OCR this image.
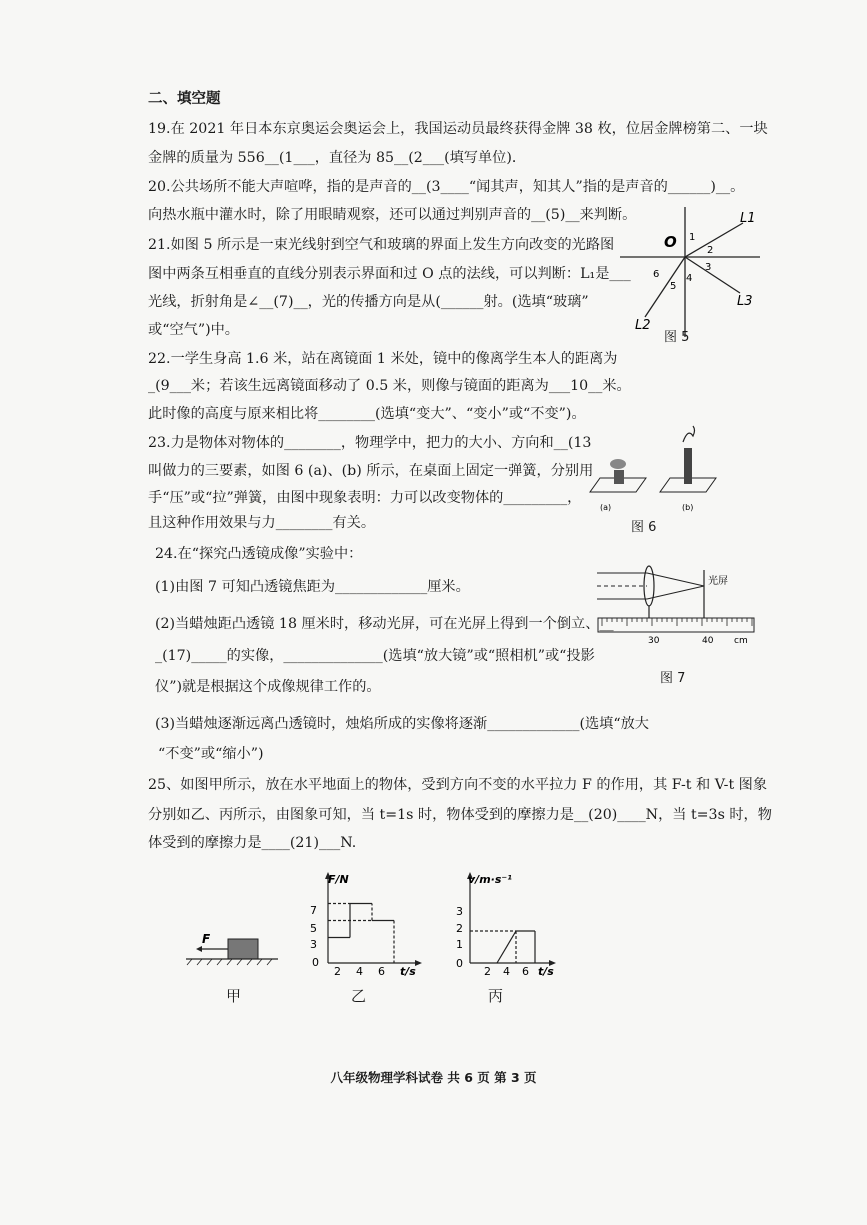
二、填空题
19.在 2021 年日本东京奥运会奥运会上，我国运动员最终获得金牌 38 枚，位居金牌榜第二、一块
金牌的质量为 556__(1___，直径为 85__(2___(填写单位)．
20.公共场所不能大声喧哗，指的是声音的__(3____“闻其声，知其人”指的是声音的______)__。
向热水瓶中灌水时，除了用眼睛观察，还可以通过判别声音的__(5)__来判断。
21.如图 5 所示是一束光线射到空气和玻璃的界面上发生方向改变的光路图
图中两条互相垂直的直线分别表示界面和过 O 点的法线，可以判断：L₁是___
光线，折射角是∠__(7)__，光的传播方向是从(______射。(选填“玻璃”
或“空气”)中。
22.一学生身高 1.6 米，站在离镜面 1 米处，镜中的像离学生本人的距离为
_(9___米；若该生远离镜面移动了 0.5 米，则像与镜面的距离为___10__米。
此时像的高度与原来相比将________(选填“变大”、“变小”或“不变”)。
23.力是物体对物体的________，物理学中，把力的大小、方向和__(13
叫做力的三要素，如图 6 (a)、(b) 所示，在桌面上固定一弹簧，分别用
手“压”或“拉”弹簧，由图中现象表明：力可以改变物体的_________，
且这种作用效果与力________有关。
24.在“探究凸透镜成像”实验中：
(1)由图 7 可知凸透镜焦距为_____________厘米。
(2)当蜡烛距凸透镜 18 厘米时，移动光屏，可在光屏上得到一个倒立、__
_(17)_____的实像，______________(选填“放大镜”或“照相机”或“投影
仪”)就是根据这个成像规律工作的。
(3)当蜡烛逐渐远离凸透镜时，烛焰所成的实像将逐渐_____________(选填“放大
“不变”或“缩小”)
25、如图甲所示，放在水平地面上的物体，受到方向不变的水平拉力 F 的作用，其 F-t 和 V-t 图象
分别如乙、丙所示，由图象可知，当 t=1s 时，物体受到的摩擦力是__(20)____N，当 t=3s 时，物
体受到的摩擦力是____(21)___N.
O
L1
L3
L2
1
2
3
4
5
6
图 5
(a)	(b)
图 6
光屏
30	40 cm
图 7
F
甲
F/N
t/s
7
5
3
0
2 4 6
乙
v/m·s⁻¹
t/s
3
2
1
0
2 4 6
丙
八年级物理学科试卷 共 6 页 第 3 页
